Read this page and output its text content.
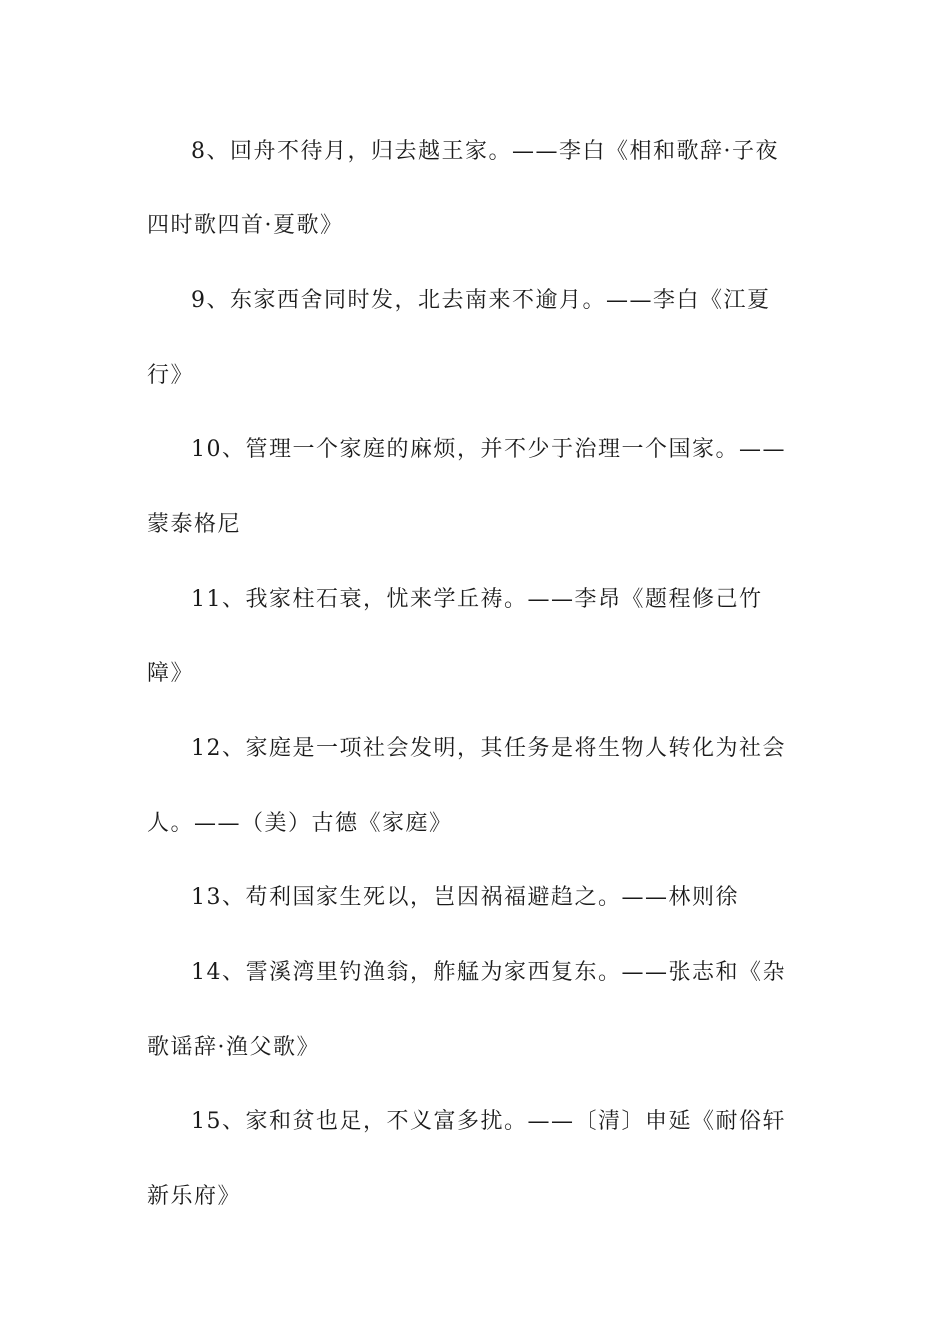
8、回舟不待月，归去越王家。——李白《相和歌辞·子夜
四时歌四首·夏歌》
9、东家西舍同时发，北去南来不逾月。——李白《江夏
行》
10、管理一个家庭的麻烦，并不少于治理一个国家。——
蒙泰格尼
11、我家柱石衰，忧来学丘祷。——李昂《题程修己竹
障》
12、家庭是一项社会发明，其任务是将生物人转化为社会
人。——（美）古德《家庭》
13、苟利国家生死以，岂因祸福避趋之。——林则徐
14、霅溪湾里钓渔翁，舴艋为家西复东。——张志和《杂
歌谣辞·渔父歌》
15、家和贫也足，不义富多扰。——〔清〕申延《耐俗轩
新乐府》
